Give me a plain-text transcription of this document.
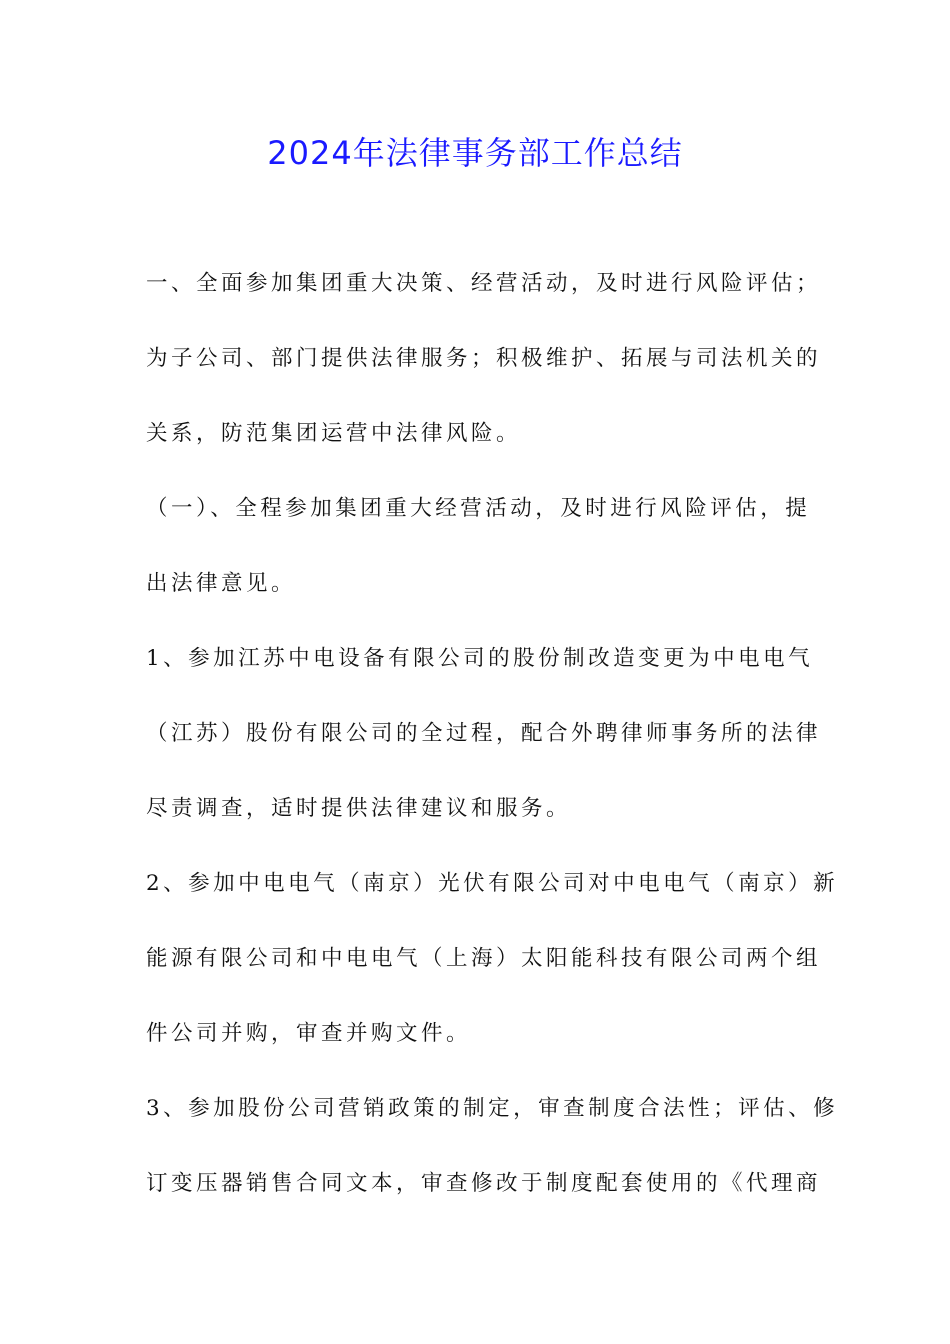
2024年法律事务部工作总结
一、全面参加集团重大决策、经营活动，及时进行风险评估；
为子公司、部门提供法律服务；积极维护、拓展与司法机关的
关系，防范集团运营中法律风险。
（一）、全程参加集团重大经营活动，及时进行风险评估，提
出法律意见。
1、参加江苏中电设备有限公司的股份制改造变更为中电电气
（江苏）股份有限公司的全过程，配合外聘律师事务所的法律
尽责调查，适时提供法律建议和服务。
2、参加中电电气（南京）光伏有限公司对中电电气（南京）新
能源有限公司和中电电气（上海）太阳能科技有限公司两个组
件公司并购，审查并购文件。
3、参加股份公司营销政策的制定，审查制度合法性；评估、修
订变压器销售合同文本，审查修改于制度配套使用的《代理商
